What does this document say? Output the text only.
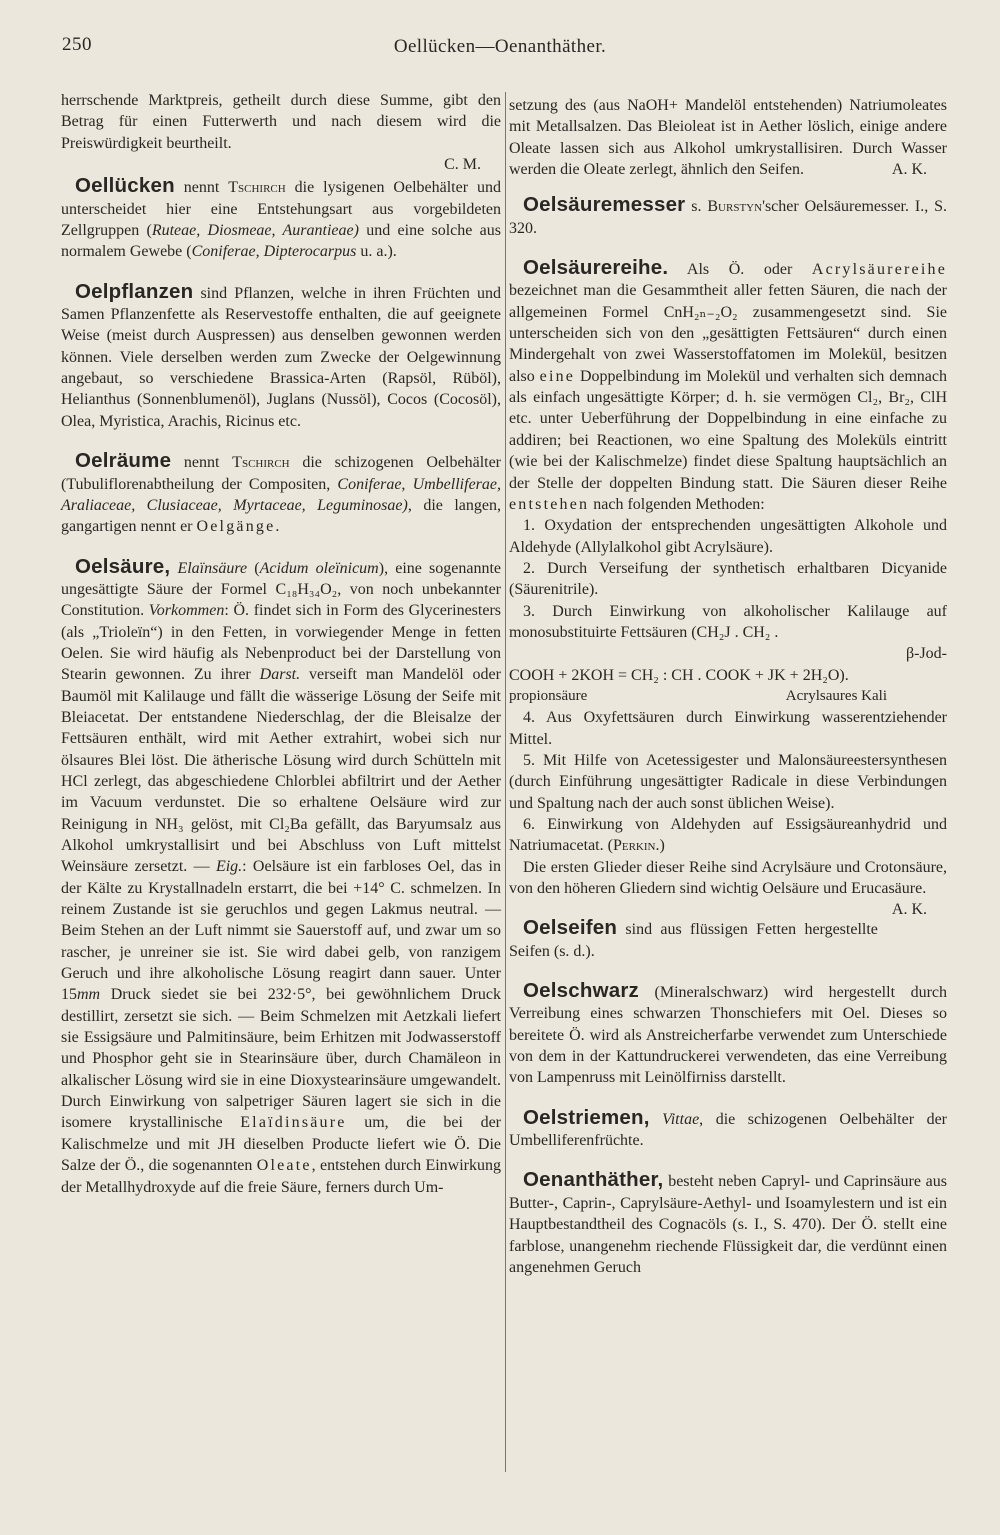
250	Oellücken—Oenanthäther.

herrschende Marktpreis, getheilt durch diese Summe, gibt den Betrag für einen Futterwerth und nach diesem wird die Preiswürdigkeit beurtheilt.

C. M.

Oellücken nennt Tschirch die lysigenen Oelbehälter und unterscheidet hier eine Entstehungsart aus vorgebildeten Zellgruppen (Ruteae, Diosmeae, Aurantieae) und eine solche aus normalem Gewebe (Coniferae, Dipterocarpus u. a.).

Oelpflanzen sind Pflanzen, welche in ihren Früchten und Samen Pflanzenfette als Reservestoffe enthalten, die auf geeignete Weise (meist durch Auspressen) aus denselben gewonnen werden können. Viele derselben werden zum Zwecke der Oelgewinnung angebaut, so verschiedene Brassica-Arten (Rapsöl, Rüböl), Helianthus (Sonnenblumenöl), Juglans (Nussöl), Cocos (Cocosöl), Olea, Myristica, Arachis, Ricinus etc.

Oelräume nennt Tschirch die schizogenen Oelbehälter (Tubuliflorenabtheilung der Compositen, Coniferae, Umbelliferae, Araliaceae, Clusiaceae, Myrtaceae, Leguminosae), die langen, gangartigen nennt er Oelgänge.

Oelsäure, Elaïnsäure (Acidum oleïnicum), eine sogenannte ungesättigte Säure der Formel C₁₈H₃₄O₂, von noch unbekannter Constitution. Vorkommen: Ö. findet sich in Form des Glycerinesters (als „Trioleïn“) in den Fetten, in vorwiegender Menge in fetten Oelen. Sie wird häufig als Nebenproduct bei der Darstellung von Stearin gewonnen. Zu ihrer Darst. verseift man Mandelöl oder Baumöl mit Kalilauge und fällt die wässerige Lösung der Seife mit Bleiacetat. Der entstandene Niederschlag, der die Bleisalze der Fettsäuren enthält, wird mit Aether extrahirt, wobei sich nur ölsaures Blei löst. Die ätherische Lösung wird durch Schütteln mit HCl zerlegt, das abgeschiedene Chlorblei abfiltrirt und der Aether im Vacuum verdunstet. Die so erhaltene Oelsäure wird zur Reinigung in NH₃ gelöst, mit Cl₂Ba gefällt, das Baryumsalz aus Alkohol umkrystallisirt und bei Abschluss von Luft mittelst Weinsäure zersetzt. — Eig.: Oelsäure ist ein farbloses Oel, das in der Kälte zu Krystallnadeln erstarrt, die bei +14° C. schmelzen. In reinem Zustande ist sie geruchlos und gegen Lakmus neutral. — Beim Stehen an der Luft nimmt sie Sauerstoff auf, und zwar um so rascher, je unreiner sie ist. Sie wird dabei gelb, von ranzigem Geruch und ihre alkoholische Lösung reagirt dann sauer. Unter 15mm Druck siedet sie bei 232·5°, bei gewöhnlichem Druck destillirt, zersetzt sie sich. — Beim Schmelzen mit Aetzkali liefert sie Essigsäure und Palmitinsäure, beim Erhitzen mit Jodwasserstoff und Phosphor geht sie in Stearinsäure über, durch Chamäleon in alkalischer Lösung wird sie in eine Dioxystearinsäure umgewandelt. Durch Einwirkung von salpetriger Säuren lagert sie sich in die isomere krystallinische Elaïdinsäure um, die bei der Kalischmelze und mit JH dieselben Producte liefert wie Ö. Die Salze der Ö., die sogenannten Oleate, entstehen durch Einwirkung der Metallhydroxyde auf die freie Säure, ferners durch Um-

setzung des (aus NaOH+ Mandelöl entstehenden) Natriumoleates mit Metallsalzen. Das Bleioleat ist in Aether löslich, einige andere Oleate lassen sich aus Alkohol umkrystallisiren. Durch Wasser werden die Oleate zerlegt, ähnlich den Seifen.	A. K.

Oelsäuremesser s. Burstyn'scher Oelsäuremesser. I., S. 320.

Oelsäurereihe. Als Ö. oder Acrylsäurereihe bezeichnet man die Gesammtheit aller fetten Säuren, die nach der allgemeinen Formel CnH₂ₙ₋₂O₂ zusammengesetzt sind. Sie unterscheiden sich von den „gesättigten Fettsäuren“ durch einen Mindergehalt von zwei Wasserstoffatomen im Molekül, besitzen also eine Doppelbindung im Molekül und verhalten sich demnach als einfach ungesättigte Körper; d. h. sie vermögen Cl₂, Br₂, ClH etc. unter Ueberführung der Doppelbindung in eine einfache zu addiren; bei Reactionen, wo eine Spaltung des Moleküls eintritt (wie bei der Kalischmelze) findet diese Spaltung hauptsächlich an der Stelle der doppelten Bindung statt. Die Säuren dieser Reihe entstehen nach folgenden Methoden:

1. Oxydation der entsprechenden ungesättigten Alkohole und Aldehyde (Allylalkohol gibt Acrylsäure).

2. Durch Verseifung der synthetisch erhaltbaren Dicyanide (Säurenitrile).

3. Durch Einwirkung von alkoholischer Kalilauge auf monosubstituirte Fettsäuren (CH₂J . CH₂ .

β-Jod-
COOH + 2KOH = CH₂ : CH . COOK + JK + 2H₂O).
propionsäure	Acrylsaures Kali

4. Aus Oxyfettsäuren durch Einwirkung wasserentziehender Mittel.

5. Mit Hilfe von Acetessigester und Malonsäureestersynthesen (durch Einführung ungesättigter Radicale in diese Verbindungen und Spaltung nach der auch sonst üblichen Weise).

6. Einwirkung von Aldehyden auf Essigsäureanhydrid und Natriumacetat. (Perkin.)

Die ersten Glieder dieser Reihe sind Acrylsäure und Crotonsäure, von den höheren Gliedern sind wichtig Oelsäure und Erucasäure.
A. K.

Oelseifen sind aus flüssigen Fetten hergestellte Seifen (s. d.).

Oelschwarz (Mineralschwarz) wird hergestellt durch Verreibung eines schwarzen Thonschiefers mit Oel. Dieses so bereitete Ö. wird als Anstreicherfarbe verwendet zum Unterschiede von dem in der Kattundruckerei verwendeten, das eine Verreibung von Lampenruss mit Leinölfirniss darstellt.

Oelstriemen, Vittae, die schizogenen Oelbehälter der Umbelliferenfrüchte.

Oenanthäther, besteht neben Capryl- und Caprinsäure aus Butter-, Caprin-, Caprylsäure-Aethyl- und Isoamylestern und ist ein Hauptbestandtheil des Cognacöls (s. I., S. 470). Der Ö. stellt eine farblose, unangenehm riechende Flüssigkeit dar, die verdünnt einen angenehmen Geruch
